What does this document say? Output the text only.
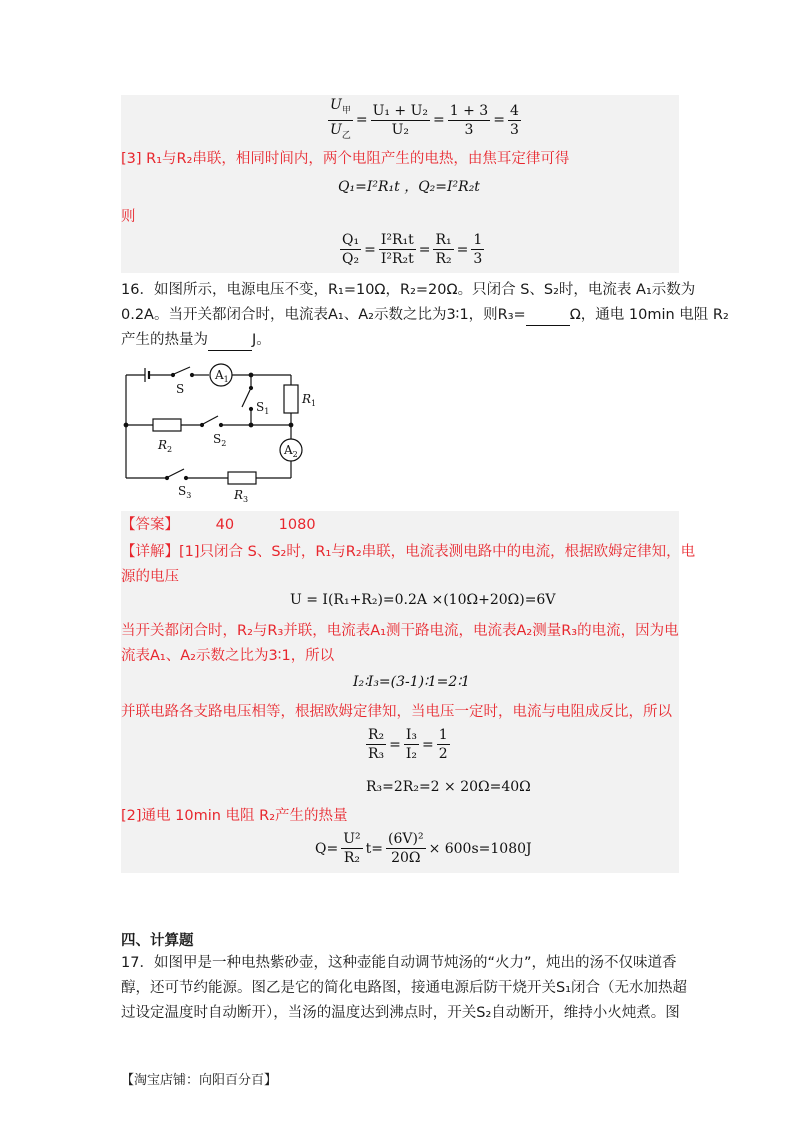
$\frac{U_甲}{U_乙} = \frac{\text{U₁ + U₂}}{\text{U₂}} = \frac{1 + 3}{3} = \frac{4}{3}$
[3] R₁与R₂串联，相同时间内，两个电阻产生的电热，由焦耳定律可得
Q₁=I²R₁t ，Q₂=I²R₂t
则
$\frac{\text{Q₁}}{\text{Q₂}} = \frac{\text{I²R₁t}}{\text{I²R₂t}} = \frac{\text{R₁}}{\text{R₂}} = \frac{1}{3}$
16．如图所示，电源电压不变，R₁=10Ω，R₂=20Ω。只闭合 S、S₂时，电流表 A₁示数为
0.2A。当开关都闭合时，电流表A₁、A₂示数之比为3∶1，则R₃=	Ω，通电 10min 电阻 R₂
产生的热量为	J。
S
$A_1$
$S_1$
$R_1$
$R_2$
$S_2$	$A_2$
$S_3$	$R_3$
【答案】	40	1080
【详解】[1]只闭合 S、S₂时，R₁与R₂串联，电流表测电路中的电流，根据欧姆定律知，电
源的电压
U = I(R₁+R₂)=0.2A ×(10Ω+20Ω)=6V
当开关都闭合时，R₂与R₃并联，电流表A₁测干路电流，电流表A₂测量R₃的电流，因为电
流表A₁、A₂示数之比为3∶1，所以
I₂∶I₃=(3-1)∶1=2∶1
并联电路各支路电压相等，根据欧姆定律知，当电压一定时，电流与电阻成反比，所以
$\frac{\text{R₂}}{\text{R₃}} = \frac{\text{I₃}}{\text{I₂}} = \frac{1}{2}$
R₃=2R₂=2 × 20Ω=40Ω
[2]通电 10min 电阻 R₂产生的热量
$Q= \frac{\text{U²}}{\text{R₂}} t= \frac{\text{(6V)²}}{20\Omega} \times 600s=1080J$
四、计算题
17．如图甲是一种电热紫砂壶，这种壶能自动调节炖汤的“火力”，炖出的汤不仅味道香
醇，还可节约能源。图乙是它的简化电路图，接通电源后防干烧开关S₁闭合（无水加热超
过设定温度时自动断开），当汤的温度达到沸点时，开关S₂自动断开，维持小火炖煮。图
【淘宝店铺：向阳百分百】
